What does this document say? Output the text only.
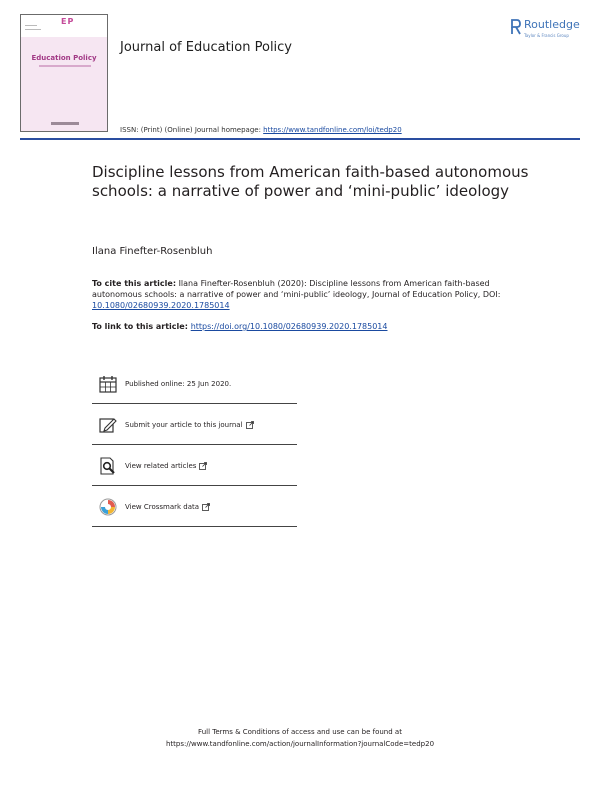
EP
Education Policy
Journal of Education Policy
ISSN: (Print) (Online) Journal homepage: https://www.tandfonline.com/loi/tedp20
Routledge
Taylor & Francis Group
Discipline lessons from American faith-based autonomous schools: a narrative of power and ‘mini-public’ ideology
Ilana Finefter-Rosenbluh
To cite this article: Ilana Finefter-Rosenbluh (2020): Discipline lessons from American faith-based autonomous schools: a narrative of power and ‘mini-public’ ideology, Journal of Education Policy, DOI: 10.1080/02680939.2020.1785014
To link to this article: https://doi.org/10.1080/02680939.2020.1785014
Published online: 25 Jun 2020.
Submit your article to this journal
View related articles
View Crossmark data
Full Terms & Conditions of access and use can be found at
https://www.tandfonline.com/action/journalInformation?journalCode=tedp20
